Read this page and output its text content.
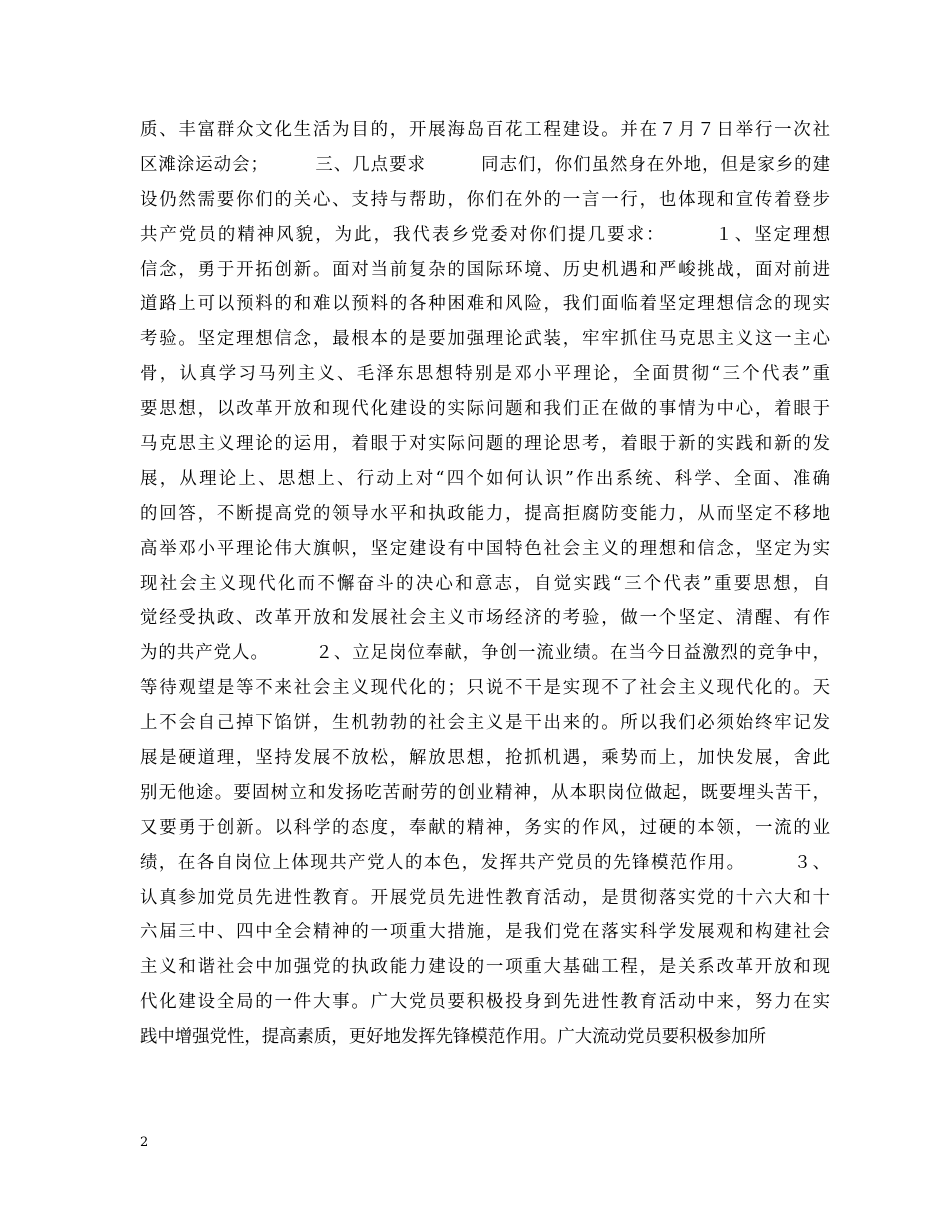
质、丰富群众文化生活为目的，开展海岛百花工程建设。并在７月７日举行一次社
区滩涂运动会；　　　三、几点要求　　　同志们，你们虽然身在外地，但是家乡的建
设仍然需要你们的关心、支持与帮助，你们在外的一言一行，也体现和宣传着登步
共产党员的精神风貌，为此，我代表乡党委对你们提几要求：　　　１、坚定理想
信念，勇于开拓创新。面对当前复杂的国际环境、历史机遇和严峻挑战，面对前进
道路上可以预料的和难以预料的各种困难和风险，我们面临着坚定理想信念的现实
考验。坚定理想信念，最根本的是要加强理论武装，牢牢抓住马克思主义这一主心
骨，认真学习马列主义、毛泽东思想特别是邓小平理论，全面贯彻“三个代表”重
要思想，以改革开放和现代化建设的实际问题和我们正在做的事情为中心，着眼于
马克思主义理论的运用，着眼于对实际问题的理论思考，着眼于新的实践和新的发
展，从理论上、思想上、行动上对“四个如何认识”作出系统、科学、全面、准确
的回答，不断提高党的领导水平和执政能力，提高拒腐防变能力，从而坚定不移地
高举邓小平理论伟大旗帜，坚定建设有中国特色社会主义的理想和信念，坚定为实
现社会主义现代化而不懈奋斗的决心和意志，自觉实践“三个代表”重要思想，自
觉经受执政、改革开放和发展社会主义市场经济的考验，做一个坚定、清醒、有作
为的共产党人。　　　２、立足岗位奉献，争创一流业绩。在当今日益激烈的竞争中，
等待观望是等不来社会主义现代化的；只说不干是实现不了社会主义现代化的。天
上不会自己掉下馅饼，生机勃勃的社会主义是干出来的。所以我们必须始终牢记发
展是硬道理，坚持发展不放松，解放思想，抢抓机遇，乘势而上，加快发展，舍此
别无他途。要固树立和发扬吃苦耐劳的创业精神，从本职岗位做起，既要埋头苦干，
又要勇于创新。以科学的态度，奉献的精神，务实的作风，过硬的本领，一流的业
绩，在各自岗位上体现共产党人的本色，发挥共产党员的先锋模范作用。　　　３、
认真参加党员先进性教育。开展党员先进性教育活动，是贯彻落实党的十六大和十
六届三中、四中全会精神的一项重大措施，是我们党在落实科学发展观和构建社会
主义和谐社会中加强党的执政能力建设的一项重大基础工程，是关系改革开放和现
代化建设全局的一件大事。广大党员要积极投身到先进性教育活动中来，努力在实
践中增强党性，提高素质，更好地发挥先锋模范作用。广大流动党员要积极参加所
2
